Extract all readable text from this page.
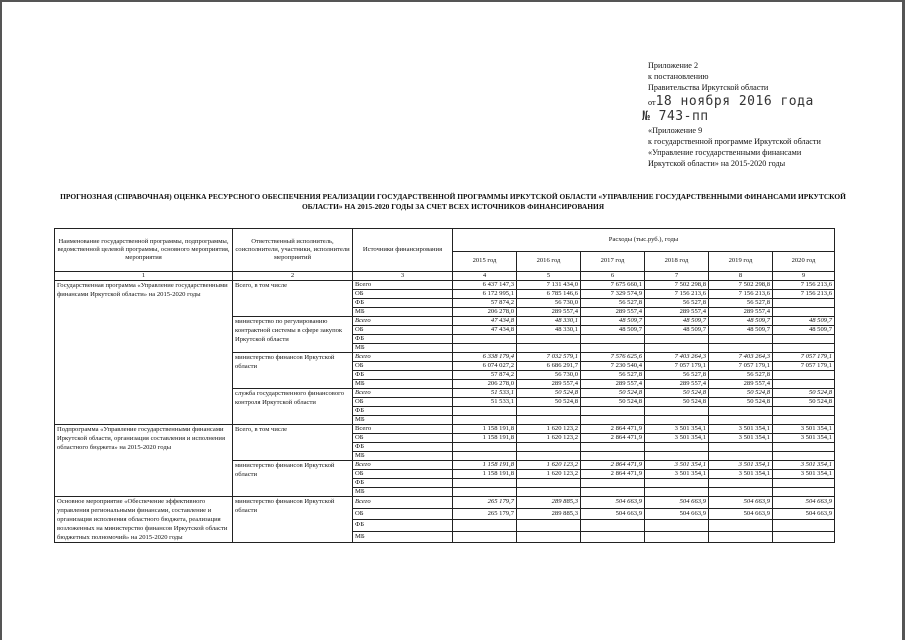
Приложение 2
к постановлению
Правительства Иркутской области
от18 ноября 2016 года
№ 743-пп
«Приложение 9
к государственной программе Иркутской области «Управление государственными финансами Иркутской области» на 2015-2020 годы
ПРОГНОЗНАЯ (СПРАВОЧНАЯ) ОЦЕНКА РЕСУРСНОГО ОБЕСПЕЧЕНИЯ РЕАЛИЗАЦИИ ГОСУДАРСТВЕННОЙ ПРОГРАММЫ ИРКУТСКОЙ ОБЛАСТИ «УПРАВЛЕНИЕ ГОСУДАРСТВЕННЫМИ ФИНАНСАМИ ИРКУТСКОЙ ОБЛАСТИ» НА 2015-2020 ГОДЫ ЗА СЧЕТ ВСЕХ ИСТОЧНИКОВ ФИНАНСИРОВАНИЯ
Наименование государственной программы, подпрограммы, ведомственной целевой программы, основного мероприятия, мероприятия	Ответственный исполнитель, соисполнители, участники, исполнители мероприятий	Источники финансирования	Расходы (тыс.руб.), годы					
			2015 год	2016 год	2017 год	2018 год	2019 год	2020 год
1	2	3	4	5	6	7	8	9
Государственная программа «Управление государственными финансами Иркутской области» на 2015-2020 годы	Всего, в том числе	Всего	6 437 147,3	7 131 434,0	7 675 660,1	7 502 298,8	7 502 298,8	7 156 213,6
		ОБ	6 172 995,1	6 785 146,6	7 329 574,9	7 156 213,6	7 156 213,6	7 156 213,6
		ФБ	57 874,2	56 730,0	56 527,8	56 527,8	56 527,8	
		МБ	206 278,0	289 557,4	289 557,4	289 557,4	289 557,4	
	министерство по регулированию контрактной системы в сфере закупок Иркутской области	Всего	47 434,8	48 330,1	48 509,7	48 509,7	48 509,7	48 509,7
		ОБ	47 434,8	48 330,1	48 509,7	48 509,7	48 509,7	48 509,7
		ФБ						
		МБ						
	министерство финансов Иркутской области	Всего	6 338 179,4	7 032 579,1	7 576 625,6	7 403 264,3	7 403 264,3	7 057 179,1
		ОБ	6 074 027,2	6 686 291,7	7 230 540,4	7 057 179,1	7 057 179,1	7 057 179,1
		ФБ	57 874,2	56 730,0	56 527,8	56 527,8	56 527,8	
		МБ	206 278,0	289 557,4	289 557,4	289 557,4	289 557,4	
	служба государственного финансового контроля Иркутской области	Всего	51 533,1	50 524,8	50 524,8	50 524,8	50 524,8	50 524,8
		ОБ	51 533,1	50 524,8	50 524,8	50 524,8	50 524,8	50 524,8
		ФБ						
		МБ						
Подпрограмма «Управление государственными финансами Иркутской области, организация составления и исполнения областного бюджета» на 2015-2020 годы	Всего, в том числе	Всего	1 158 191,8	1 620 123,2	2 864 471,9	3 501 354,1	3 501 354,1	3 501 354,1
		ОБ	1 158 191,8	1 620 123,2	2 864 471,9	3 501 354,1	3 501 354,1	3 501 354,1
		ФБ						
		МБ						
	министерство финансов Иркутской области	Всего	1 158 191,8	1 620 123,2	2 864 471,9	3 501 354,1	3 501 354,1	3 501 354,1
		ОБ	1 158 191,8	1 620 123,2	2 864 471,9	3 501 354,1	3 501 354,1	3 501 354,1
		ФБ						
		МБ						
Основное мероприятие «Обеспечение эффективного управления региональными финансами, составление и организация исполнения областного бюджета, реализация возложенных на министерство финансов Иркутской области бюджетных полномочий» на 2015-2020 годы	министерство финансов Иркутской области	Всего	265 179,7	289 885,3	504 663,9	504 663,9	504 663,9	504 663,9
		ОБ	265 179,7	289 885,3	504 663,9	504 663,9	504 663,9	504 663,9
		ФБ						
		МБ						
